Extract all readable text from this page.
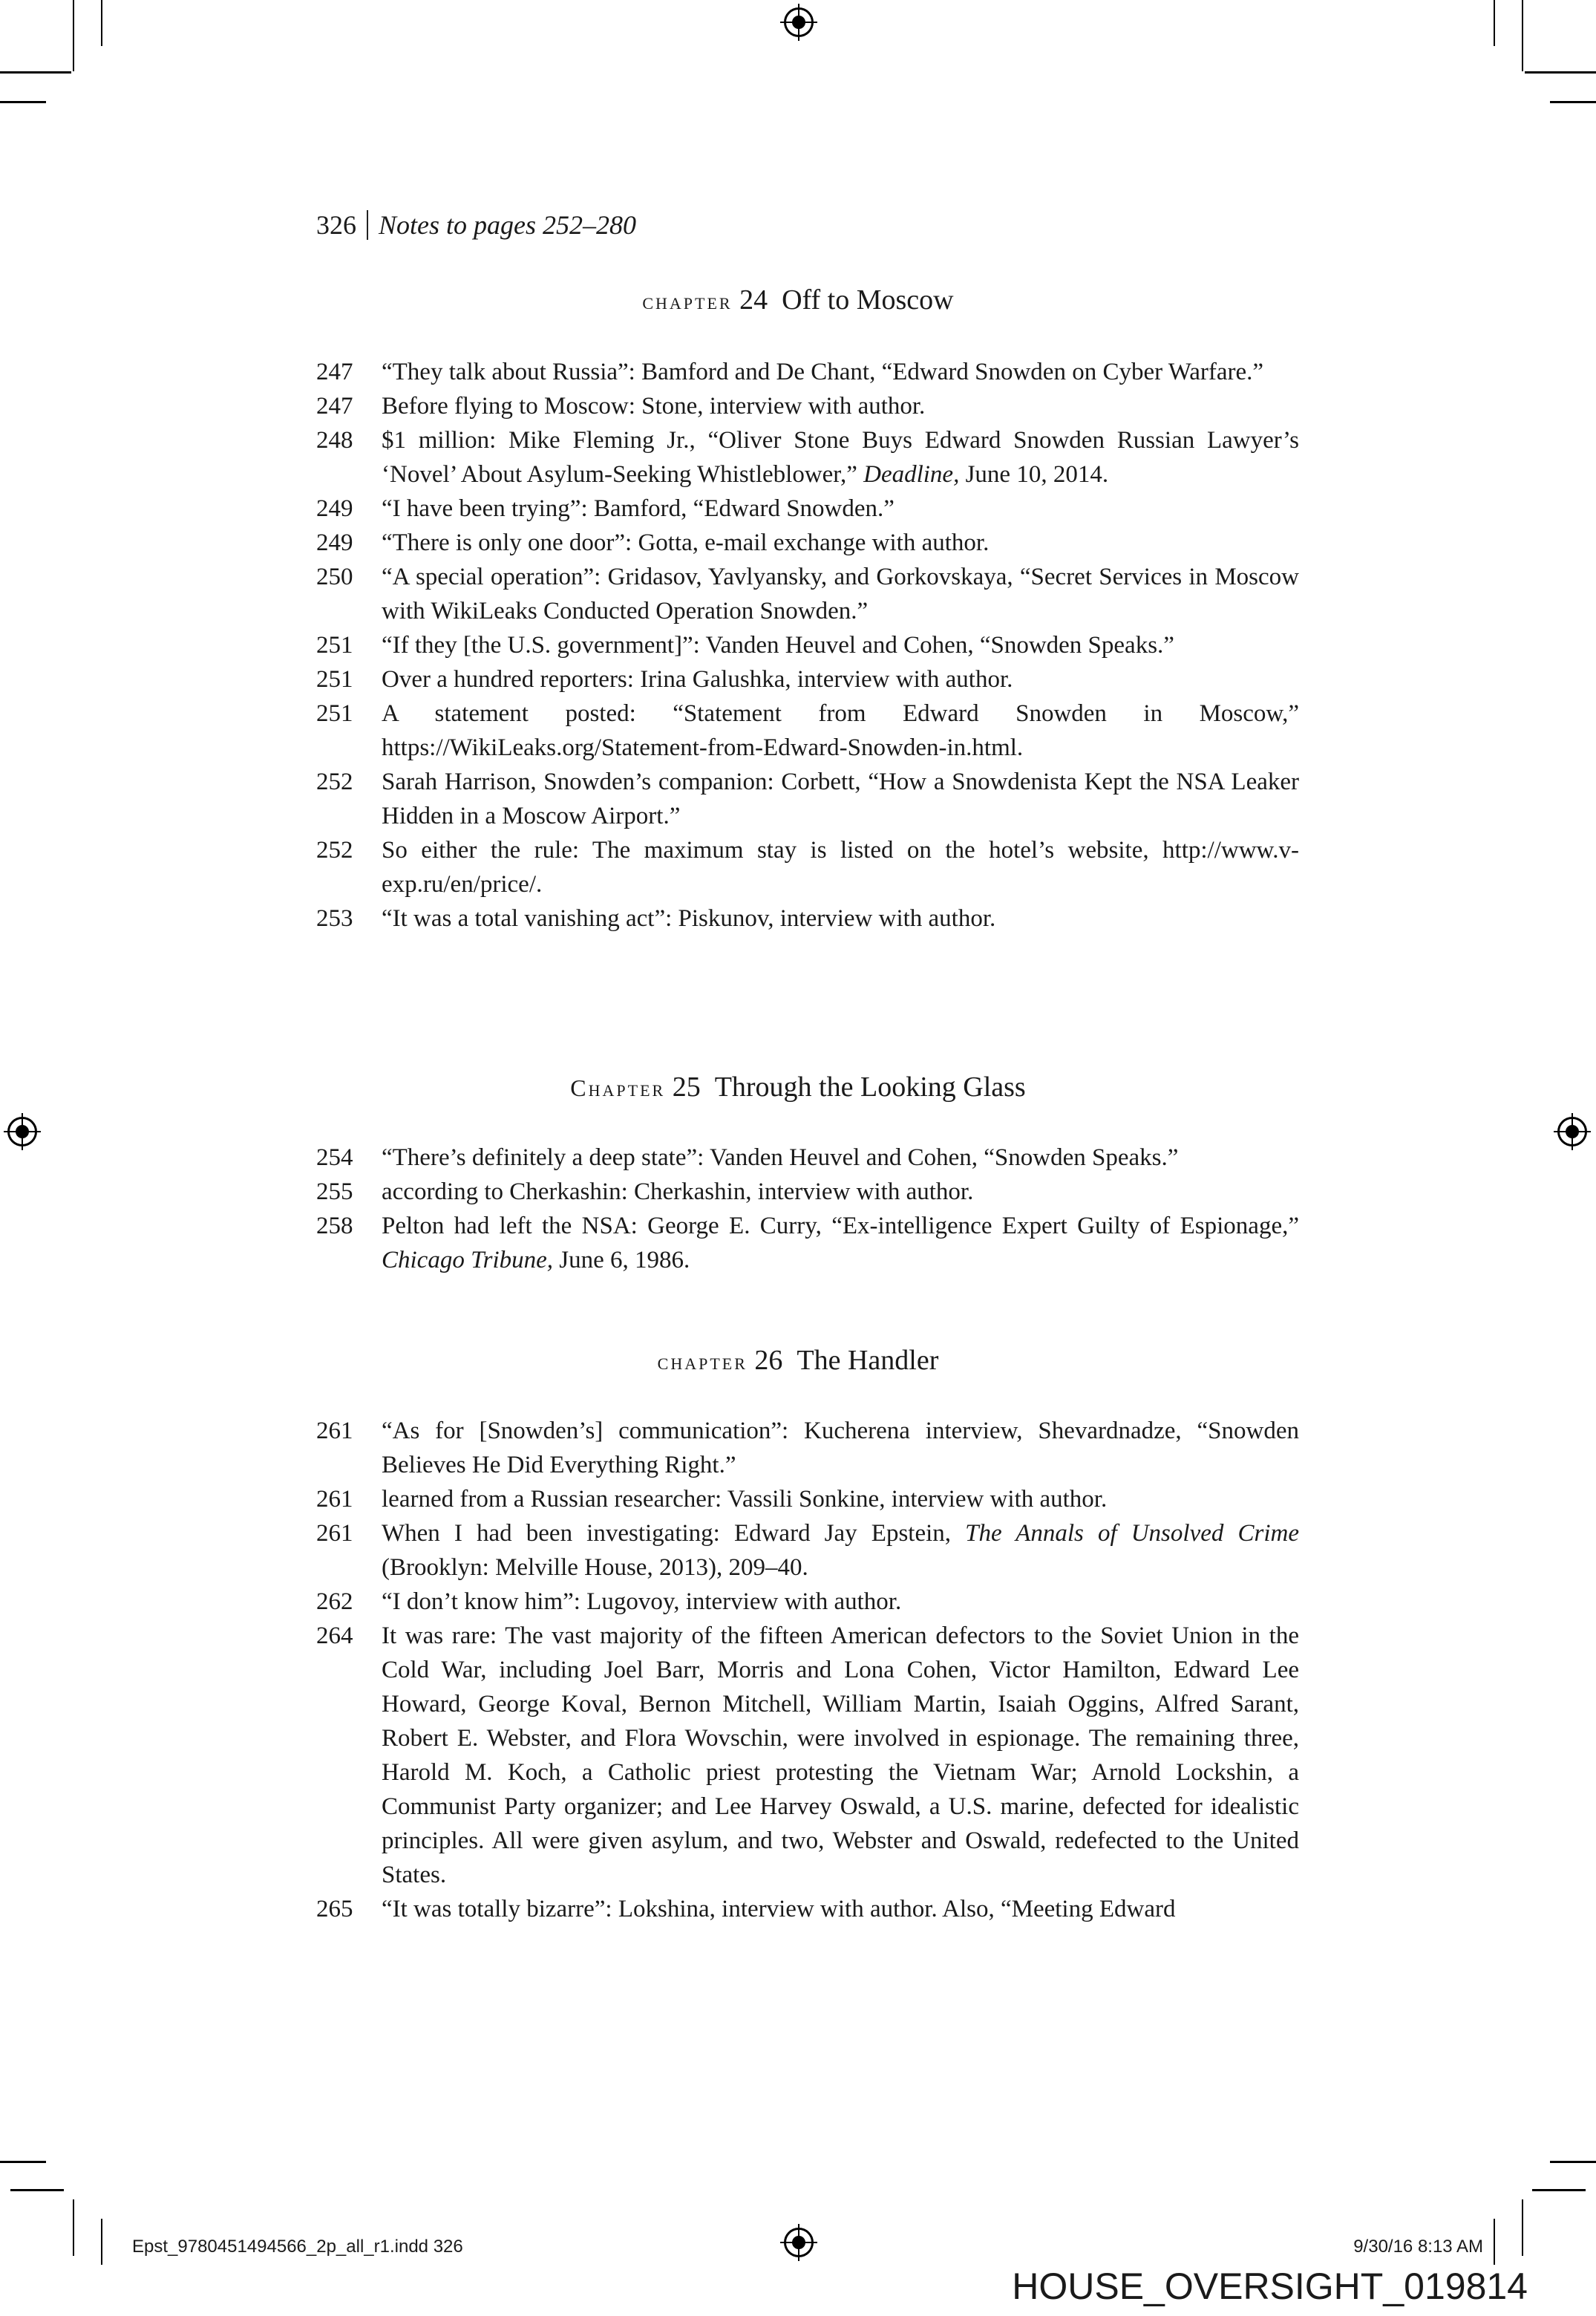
326 Notes to pages 252–280
chapter 24 Off to Moscow
247	“They talk about Russia”: Bamford and De Chant, “Edward Snowden on Cyber Warfare.”
247	Before flying to Moscow: Stone, interview with author.
248	$1 million: Mike Fleming Jr., “Oliver Stone Buys Edward Snowden Russian Lawyer’s ‘Novel’ About Asylum-Seeking Whistleblower,” Deadline, June 10, 2014.
249	“I have been trying”: Bamford, “Edward Snowden.”
249	“There is only one door”: Gotta, e-mail exchange with author.
250	“A special operation”: Gridasov, Yavlyansky, and Gorkovskaya, “Secret Services in Moscow with WikiLeaks Conducted Operation Snowden.”
251	“If they [the U.S. government]”: Vanden Heuvel and Cohen, “Snowden Speaks.”
251	Over a hundred reporters: Irina Galushka, interview with author.
251	A statement posted: “Statement from Edward Snowden in Moscow,” https://WikiLeaks.org/Statement-from-Edward-Snowden-in.html.
252	Sarah Harrison, Snowden’s companion: Corbett, “How a Snowdenista Kept the NSA Leaker Hidden in a Moscow Airport.”
252	So either the rule: The maximum stay is listed on the hotel’s website, http://www.v-exp.ru/en/price/.
253	“It was a total vanishing act”: Piskunov, interview with author.
Chapter 25 Through the Looking Glass
254	“There’s definitely a deep state”: Vanden Heuvel and Cohen, “Snowden Speaks.”
255	according to Cherkashin: Cherkashin, interview with author.
258	Pelton had left the NSA: George E. Curry, “Ex-intelligence Expert Guilty of Espionage,” Chicago Tribune, June 6, 1986.
chapter 26 The Handler
261	“As for [Snowden’s] communication”: Kucherena interview, Shevardnadze, “Snowden Believes He Did Everything Right.”
261	learned from a Russian researcher: Vassili Sonkine, interview with author.
261	When I had been investigating: Edward Jay Epstein, The Annals of Unsolved Crime (Brooklyn: Melville House, 2013), 209–40.
262	“I don’t know him”: Lugovoy, interview with author.
264	It was rare: The vast majority of the fifteen American defectors to the Soviet Union in the Cold War, including Joel Barr, Morris and Lona Cohen, Victor Hamilton, Edward Lee Howard, George Koval, Bernon Mitchell, William Martin, Isaiah Oggins, Alfred Sarant, Robert E. Webster, and Flora Wovschin, were involved in espionage. The remaining three, Harold M. Koch, a Catholic priest protesting the Vietnam War; Arnold Lockshin, a Communist Party organizer; and Lee Harvey Oswald, a U.S. marine, defected for idealistic principles. All were given asylum, and two, Webster and Oswald, redefected to the United States.
265	“It was totally bizarre”: Lokshina, interview with author. Also, “Meeting Edward
Epst_9780451494566_2p_all_r1.indd 326	9/30/16 8:13 AM
HOUSE_OVERSIGHT_019814
